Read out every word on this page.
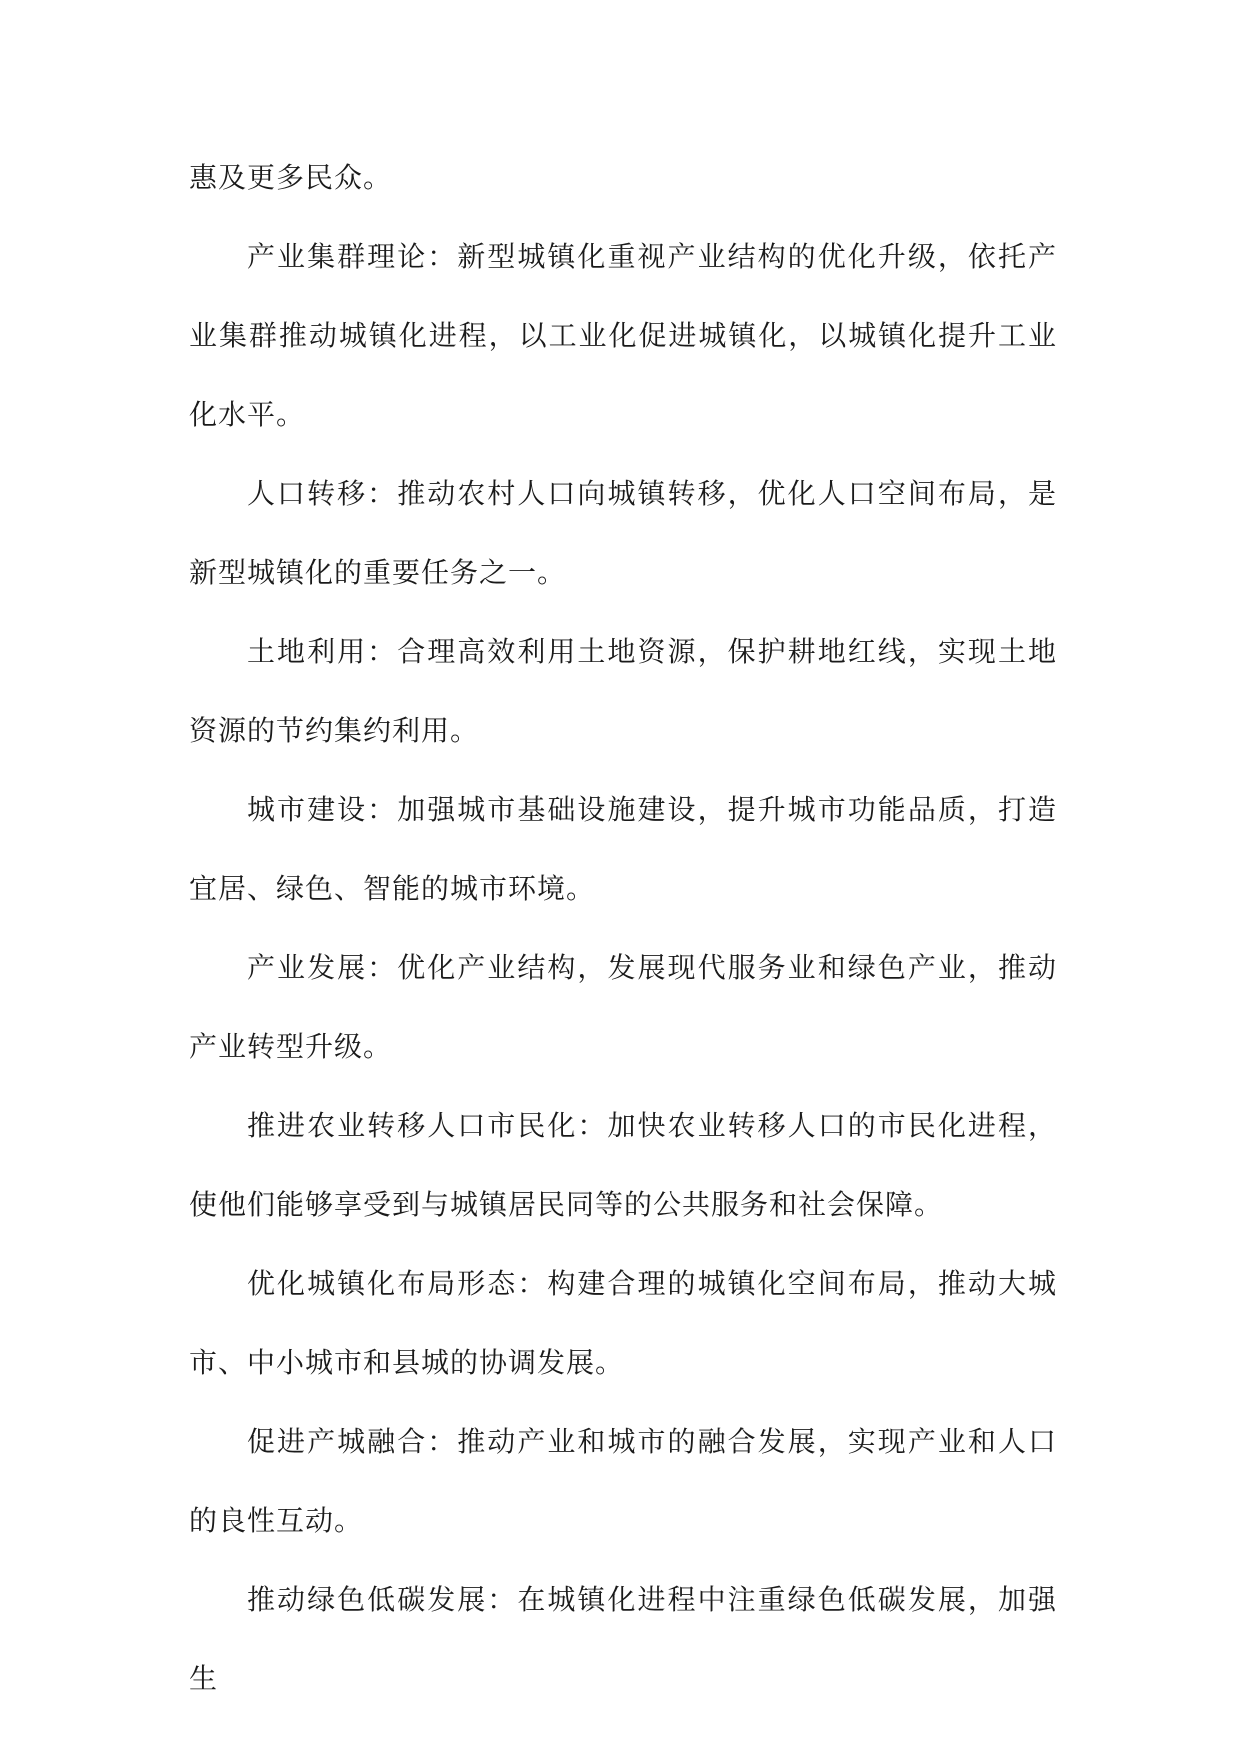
惠及更多民众。

产业集群理论：新型城镇化重视产业结构的优化升级，依托产业集群推动城镇化进程，以工业化促进城镇化，以城镇化提升工业化水平。

人口转移：推动农村人口向城镇转移，优化人口空间布局，是新型城镇化的重要任务之一。

土地利用：合理高效利用土地资源，保护耕地红线，实现土地资源的节约集约利用。

城市建设：加强城市基础设施建设，提升城市功能品质，打造宜居、绿色、智能的城市环境。

产业发展：优化产业结构，发展现代服务业和绿色产业，推动产业转型升级。

推进农业转移人口市民化：加快农业转移人口的市民化进程，使他们能够享受到与城镇居民同等的公共服务和社会保障。

优化城镇化布局形态：构建合理的城镇化空间布局，推动大城市、中小城市和县城的协调发展。

促进产城融合：推动产业和城市的融合发展，实现产业和人口的良性互动。

推动绿色低碳发展：在城镇化进程中注重绿色低碳发展，加强生
